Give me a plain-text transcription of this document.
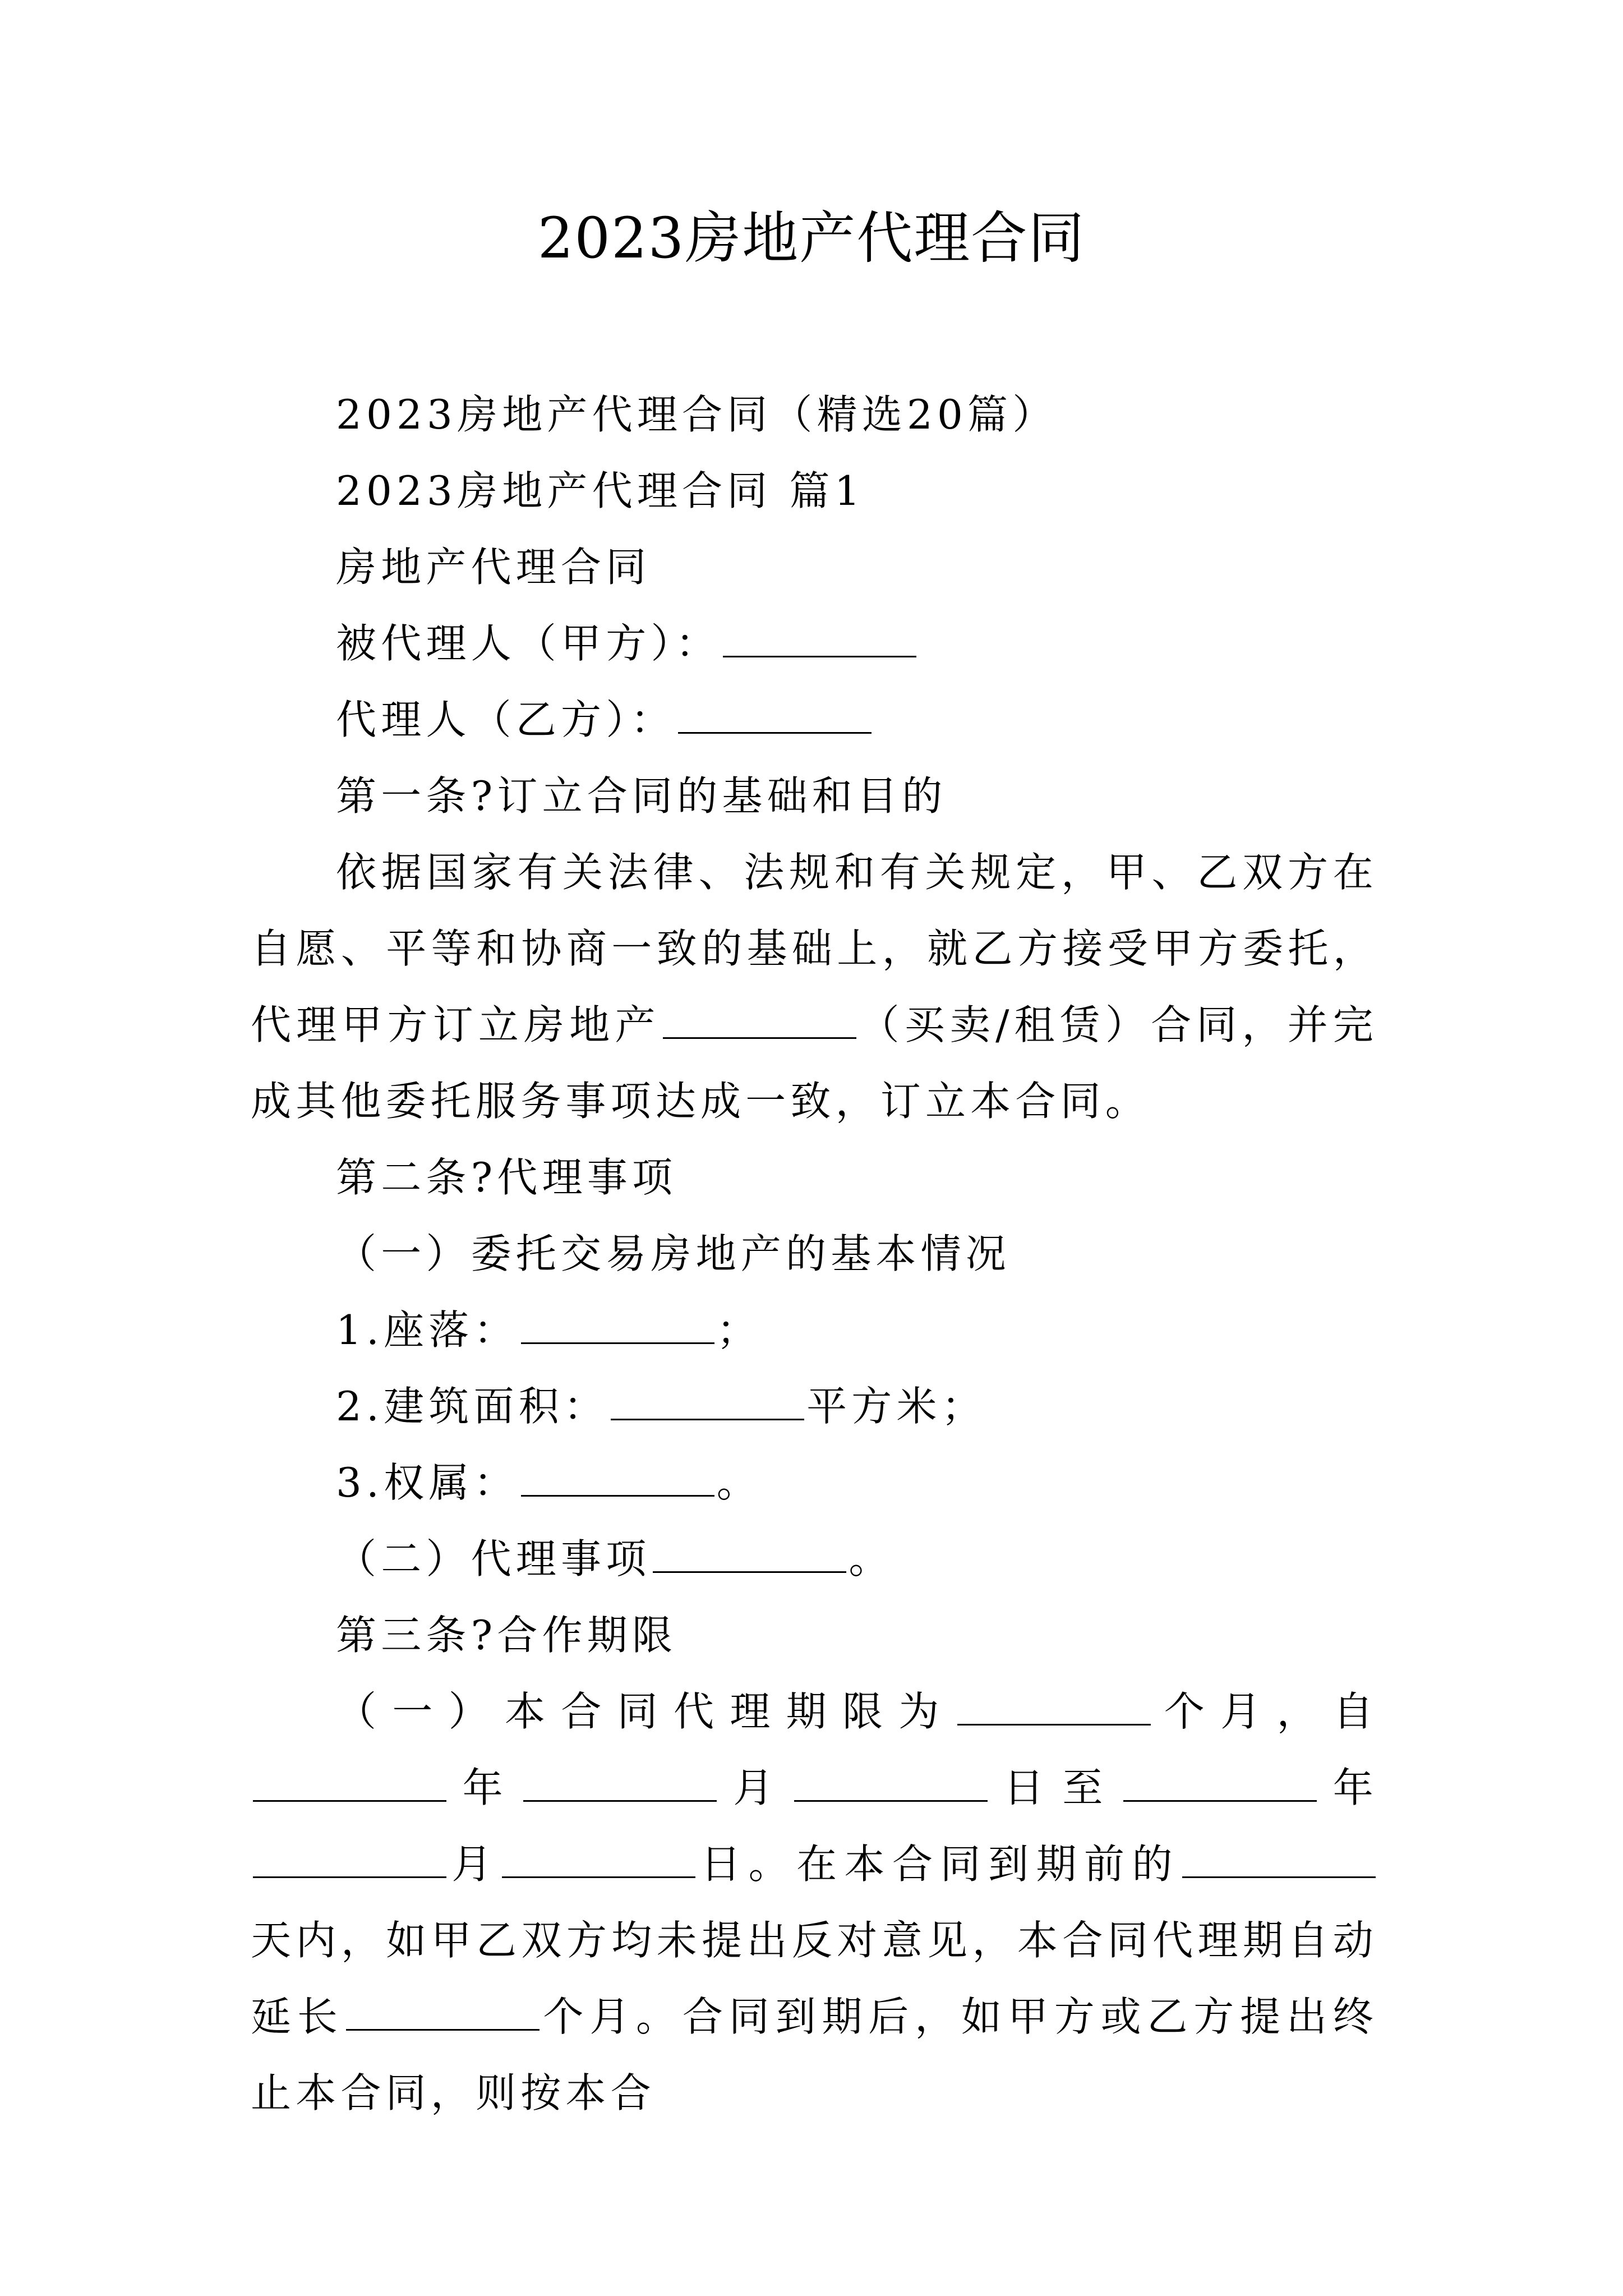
2023房地产代理合同

2023房地产代理合同（精选20篇）

2023房地产代理合同 篇1

房地产代理合同

被代理人（甲方）：

代理人（乙方）：

第一条?订立合同的基础和目的

依据国家有关法律、法规和有关规定，甲、乙双方在自愿、平等和协商一致的基础上，就乙方接受甲方委托，代理甲方订立房地产	（买卖/租赁）合同，并完成其他委托服务事项达成一致，订立本合同。

第二条?代理事项

（一）委托交易房地产的基本情况

1.座落：	；

2.建筑面积：	平方米；

3.权属：	。

（二）代理事项	。

第三条?合作期限

（一）本合同代理期限为	个月，自年	月	日至	年月	日。在本合同到期前的天内，如甲乙双方均未提出反对意见，本合同代理期自动延长	个月。合同到期后，如甲方或乙方提出终止本合同，则按本合
